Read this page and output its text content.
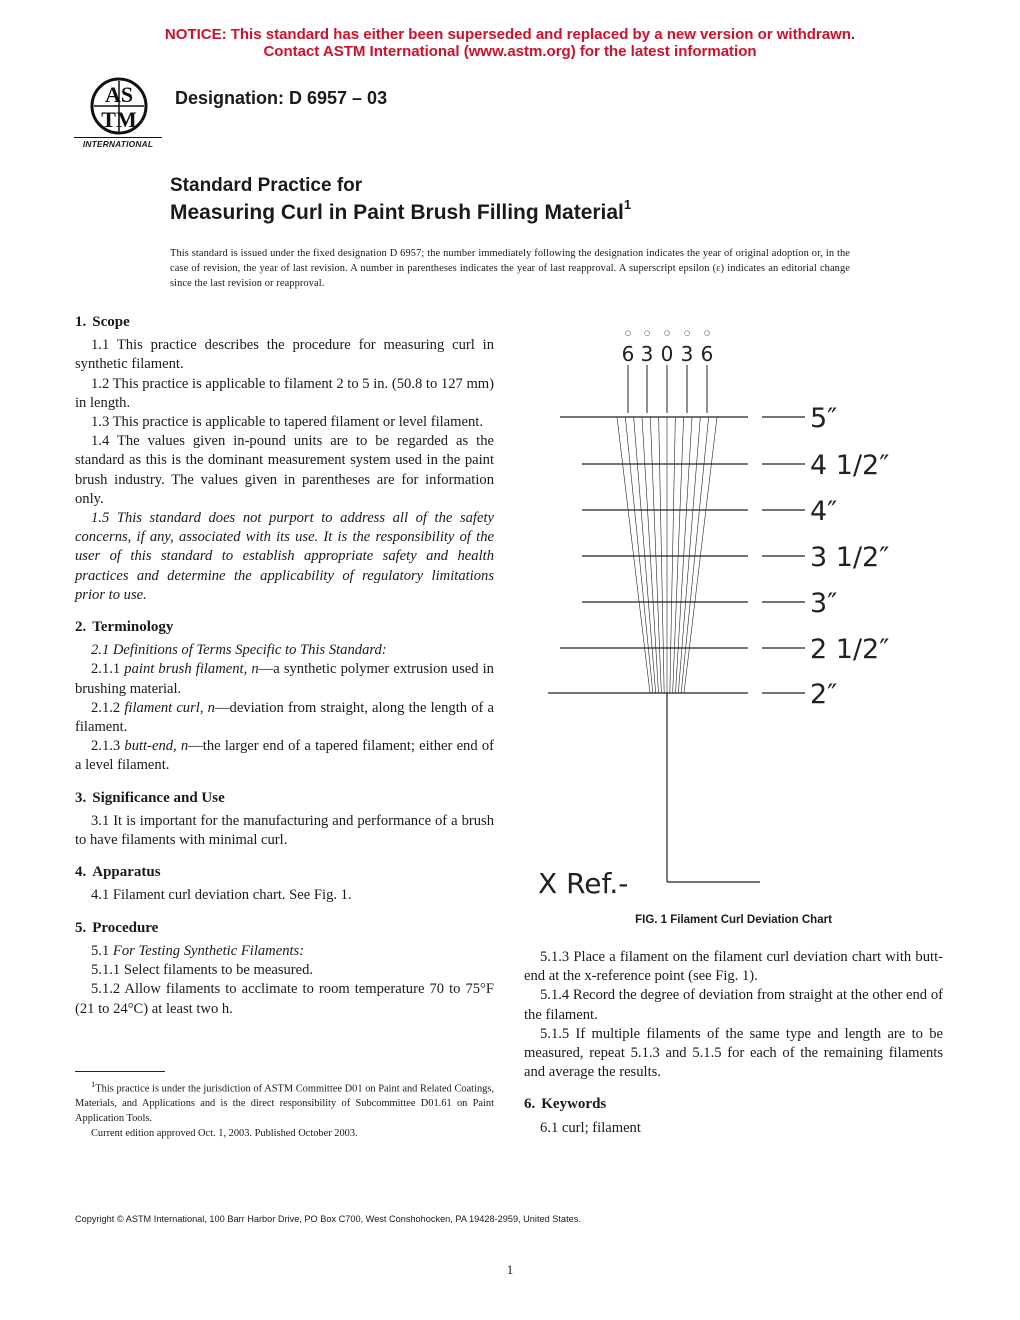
NOTICE: This standard has either been superseded and replaced by a new version or withdrawn.
Contact ASTM International (www.astm.org) for the latest information
AS
TM
INTERNATIONAL
Designation: D 6957 – 03
Standard Practice for
Measuring Curl in Paint Brush Filling Material$^1$
This standard is issued under the fixed designation D 6957; the number immediately following the designation indicates the year of original adoption or, in the case of revision, the year of last revision. A number in parentheses indicates the year of last reapproval. A superscript epsilon (ε) indicates an editorial change since the last revision or reapproval.
1. Scope

1.1 This practice describes the procedure for measuring curl in synthetic filament.

1.2 This practice is applicable to filament 2 to 5 in. (50.8 to 127 mm) in length.

1.3 This practice is applicable to tapered filament or level filament.

1.4 The values given in-pound units are to be regarded as the standard as this is the dominant measurement system used in the paint brush industry. The values given in parentheses are for information only.

1.5 This standard does not purport to address all of the safety concerns, if any, associated with its use. It is the responsibility of the user of this standard to establish appropriate safety and health practices and determine the applicability of regulatory limitations prior to use.

2. Terminology

2.1 Definitions of Terms Specific to This Standard:

2.1.1 paint brush filament, n—a synthetic polymer extrusion used in brushing material.

2.1.2 filament curl, n—deviation from straight, along the length of a filament.

2.1.3 butt-end, n—the larger end of a tapered filament; either end of a level filament.

3. Significance and Use

3.1 It is important for the manufacturing and performance of a brush to have filaments with minimal curl.

4. Apparatus

4.1 Filament curl deviation chart. See Fig. 1.

5. Procedure

5.1 For Testing Synthetic Filaments:

5.1.1 Select filaments to be measured.

5.1.2 Allow filaments to acclimate to room temperature 70 to 75°F (21 to 24°C) at least two h.

$^1$This practice is under the jurisdiction of ASTM Committee D01 on Paint and Related Coatings, Materials, and Applications and is the direct responsibility of Subcommittee D01.61 on Paint Application Tools.

Current edition approved Oct. 1, 2003. Published October 2003.

○
6
○
3
○
0
○
3
○
6
5″
4 1/2″
4″
3 1/2″
3″
2 1/2″
2″
X Ref.-
FIG. 1 Filament Curl Deviation Chart

5.1.3 Place a filament on the filament curl deviation chart with butt-end at the x-reference point (see Fig. 1).

5.1.4 Record the degree of deviation from straight at the other end of the filament.

5.1.5 If multiple filaments of the same type and length are to be measured, repeat 5.1.3 and 5.1.5 for each of the remaining filaments and average the results.

6. Keywords

6.1 curl; filament

Copyright © ASTM International, 100 Barr Harbor Drive, PO Box C700, West Conshohocken, PA 19428-2959, United States.
1
